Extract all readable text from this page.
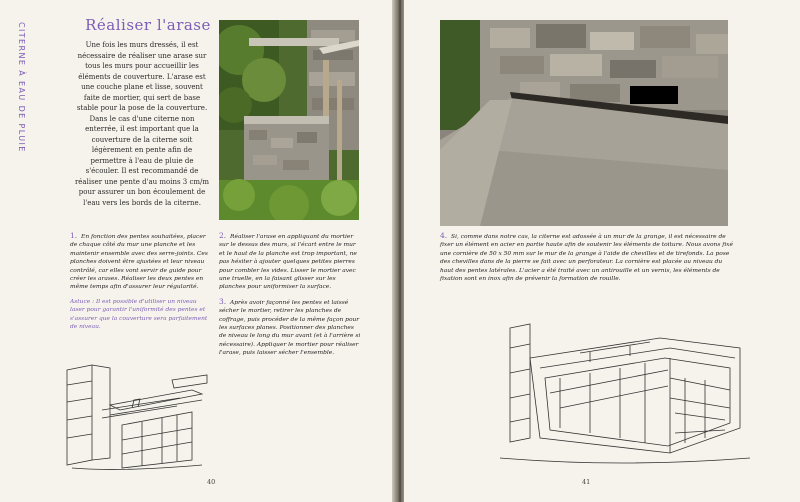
CITERNE À EAU DE PLUIE	Réaliser l'arase

Une fois les murs dressés, il est nécessaire de réaliser une arase sur tous les murs pour accueillir les éléments de couverture. L'arase est une couche plane et lisse, souvent faite de mortier, qui sert de base stable pour la pose de la couverture.

Dans le cas d'une citerne non enterrée, il est important que la couverture de la citerne soit légèrement en pente afin de permettre à l'eau de pluie de s'écouler. Il est recommandé de réaliser une pente d'au moins 3 cm/m pour assurer un bon écoulement de l'eau vers les bords de la citerne.

1. En fonction des pentes souhaitées, placer de chaque côté du mur une planche et les maintenir ensemble avec des serre-joints. Ces planches doivent être ajustées et leur niveau contrôlé, car elles vont servir de guide pour créer les arases. Réaliser les deux pentes en même temps afin d'assurer leur régularité.

Astuce : Il est possible d'utiliser un niveau laser pour garantir l'uniformité des pentes et s'assurer que la couverture sera parfaitement de niveau.

2. Réaliser l'arase en appliquant du mortier sur le dessus des murs, si l'écart entre le mur et le haut de la planche est trop important, ne pas hésiter à ajouter quelques petites pierres pour combler les vides. Lisser le mortier avec une truelle, en la faisant glisser sur les planches pour uniformiser la surface.

3. Après avoir façonné les pentes et laissé sécher le mortier, retirer les planches de coffrage, puis procéder de la même façon pour les surfaces planes. Positionner des planches de niveau le long du mur avant (et à l'arrière si nécessaire). Appliquer le mortier pour réaliser l'arase, puis laisser sécher l'ensemble.

40

4. Si, comme dans notre cas, la citerne est adossée à un mur de la grange, il est nécessaire de fixer un élément en acier en partie haute afin de soutenir les éléments de toiture. Nous avons fixé une cornière de 50 x 50 mm sur le mur de la grange à l'aide de chevilles et de tirefonds. La pose des chevilles dans de la pierre se fait avec un perforateur. La cornière est placée au niveau du haut des pentes latérales. L'acier a été traité avec un antirouille et un vernis, les éléments de fixation sont en inox afin de prévenir la formation de rouille.

41
